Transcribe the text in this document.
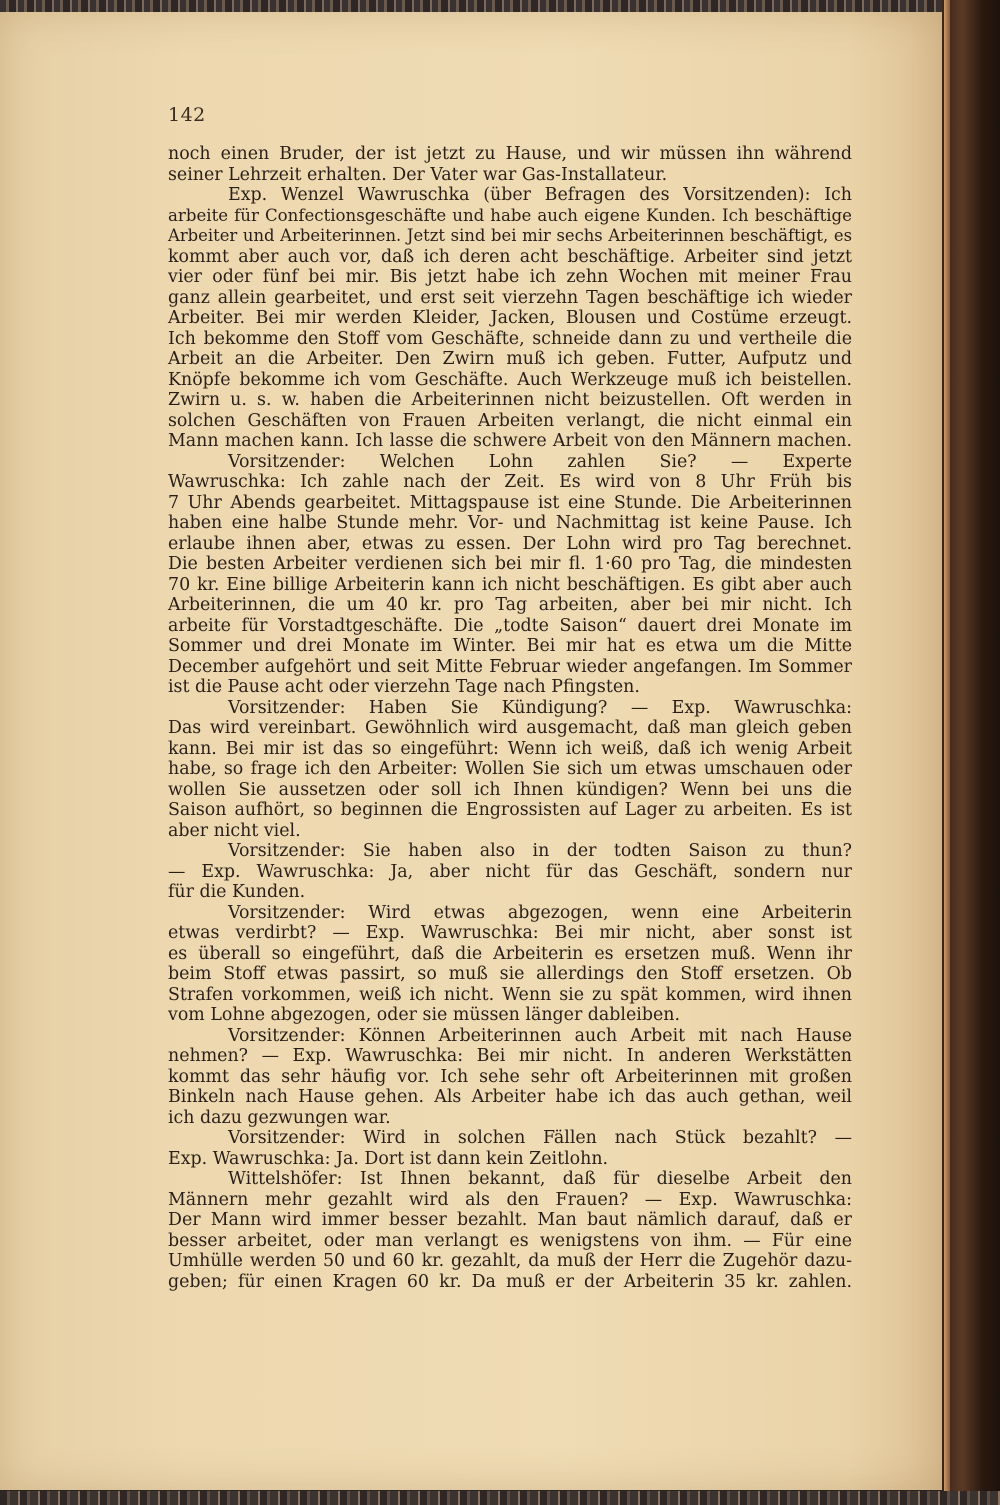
142

noch einen Bruder, der ist jetzt zu Hause, und wir müssen ihn während
seiner Lehrzeit erhalten. Der Vater war Gas-Installateur.
Exp. Wenzel Wawruschka (über Befragen des Vorsitzenden): Ich
arbeite für Confectionsgeschäfte und habe auch eigene Kunden. Ich beschäftige
Arbeiter und Arbeiterinnen. Jetzt sind bei mir sechs Arbeiterinnen beschäftigt, es
kommt aber auch vor, daß ich deren acht beschäftige. Arbeiter sind jetzt
vier oder fünf bei mir. Bis jetzt habe ich zehn Wochen mit meiner Frau
ganz allein gearbeitet, und erst seit vierzehn Tagen beschäftige ich wieder
Arbeiter. Bei mir werden Kleider, Jacken, Blousen und Costüme erzeugt.
Ich bekomme den Stoff vom Geschäfte, schneide dann zu und vertheile die
Arbeit an die Arbeiter. Den Zwirn muß ich geben. Futter, Aufputz und
Knöpfe bekomme ich vom Geschäfte. Auch Werkzeuge muß ich beistellen.
Zwirn u. s. w. haben die Arbeiterinnen nicht beizustellen. Oft werden in
solchen Geschäften von Frauen Arbeiten verlangt, die nicht einmal ein
Mann machen kann. Ich lasse die schwere Arbeit von den Männern machen.
Vorsitzender: Welchen Lohn zahlen Sie? — Experte
Wawruschka: Ich zahle nach der Zeit. Es wird von 8 Uhr Früh bis
7 Uhr Abends gearbeitet. Mittagspause ist eine Stunde. Die Arbeiterinnen
haben eine halbe Stunde mehr. Vor- und Nachmittag ist keine Pause. Ich
erlaube ihnen aber, etwas zu essen. Der Lohn wird pro Tag berechnet.
Die besten Arbeiter verdienen sich bei mir fl. 1·60 pro Tag, die mindesten
70 kr. Eine billige Arbeiterin kann ich nicht beschäftigen. Es gibt aber auch
Arbeiterinnen, die um 40 kr. pro Tag arbeiten, aber bei mir nicht. Ich
arbeite für Vorstadtgeschäfte. Die „todte Saison“ dauert drei Monate im
Sommer und drei Monate im Winter. Bei mir hat es etwa um die Mitte
December aufgehört und seit Mitte Februar wieder angefangen. Im Sommer
ist die Pause acht oder vierzehn Tage nach Pfingsten.
Vorsitzender: Haben Sie Kündigung? — Exp. Wawruschka:
Das wird vereinbart. Gewöhnlich wird ausgemacht, daß man gleich geben
kann. Bei mir ist das so eingeführt: Wenn ich weiß, daß ich wenig Arbeit
habe, so frage ich den Arbeiter: Wollen Sie sich um etwas umschauen oder
wollen Sie aussetzen oder soll ich Ihnen kündigen? Wenn bei uns die
Saison aufhört, so beginnen die Engrossisten auf Lager zu arbeiten. Es ist
aber nicht viel.
Vorsitzender: Sie haben also in der todten Saison zu thun?
— Exp. Wawruschka: Ja, aber nicht für das Geschäft, sondern nur
für die Kunden.
Vorsitzender: Wird etwas abgezogen, wenn eine Arbeiterin
etwas verdirbt? — Exp. Wawruschka: Bei mir nicht, aber sonst ist
es überall so eingeführt, daß die Arbeiterin es ersetzen muß. Wenn ihr
beim Stoff etwas passirt, so muß sie allerdings den Stoff ersetzen. Ob
Strafen vorkommen, weiß ich nicht. Wenn sie zu spät kommen, wird ihnen
vom Lohne abgezogen, oder sie müssen länger dableiben.
Vorsitzender: Können Arbeiterinnen auch Arbeit mit nach Hause
nehmen? — Exp. Wawruschka: Bei mir nicht. In anderen Werkstätten
kommt das sehr häufig vor. Ich sehe sehr oft Arbeiterinnen mit großen
Binkeln nach Hause gehen. Als Arbeiter habe ich das auch gethan, weil
ich dazu gezwungen war.
Vorsitzender: Wird in solchen Fällen nach Stück bezahlt? —
Exp. Wawruschka: Ja. Dort ist dann kein Zeitlohn.
Wittelshöfer: Ist Ihnen bekannt, daß für dieselbe Arbeit den
Männern mehr gezahlt wird als den Frauen? — Exp. Wawruschka:
Der Mann wird immer besser bezahlt. Man baut nämlich darauf, daß er
besser arbeitet, oder man verlangt es wenigstens von ihm. — Für eine
Umhülle werden 50 und 60 kr. gezahlt, da muß der Herr die Zugehör dazu-
geben; für einen Kragen 60 kr. Da muß er der Arbeiterin 35 kr. zahlen.
